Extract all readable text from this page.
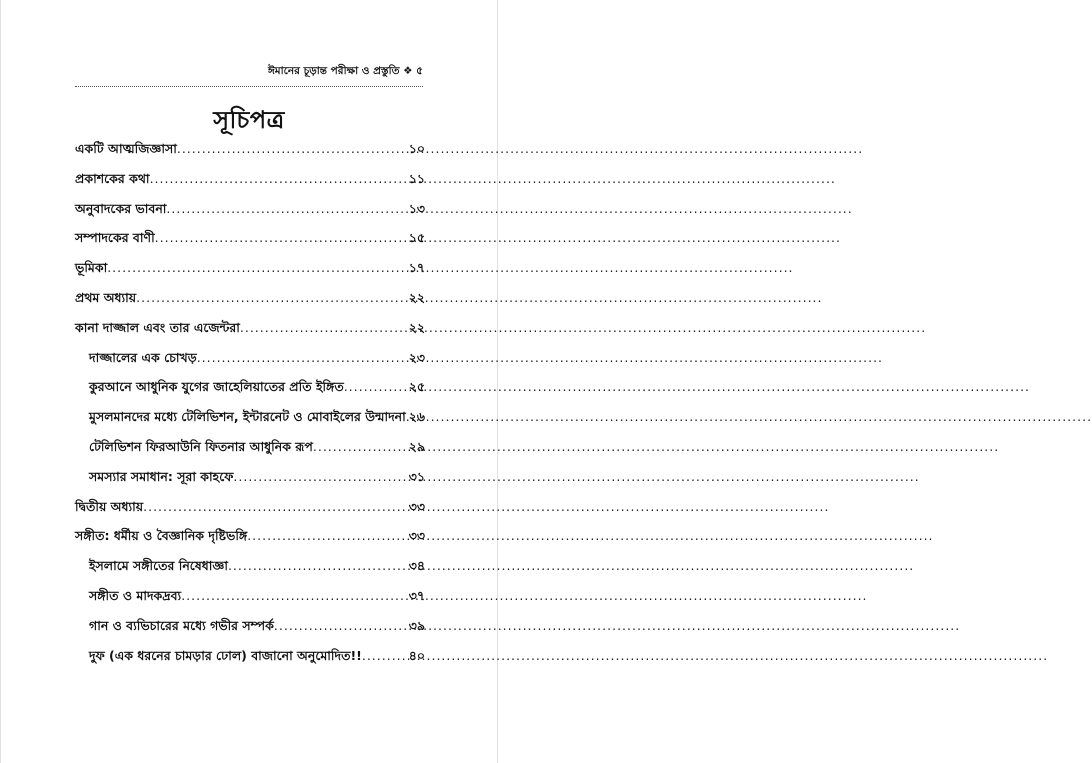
ঈমানের চূড়ান্ত পরীক্ষা ও প্রস্তুতি ❖ ৫
সূচিপত্র
একটি আত্মজিজ্ঞাসা .....	১০
প্রকাশকের কথা .....	১১
অনুবাদকের ভাবনা .....	১৩
সম্পাদকের বাণী .....	১৫
ভূমিকা .....	১৭
প্রথম অধ্যায় .....	২২
কানা দাজ্জাল এবং তার এজেন্টরা .....	২২
দাজ্জালের এক চোখড় .....	২৩
কুরআনে আধুনিক যুগের জাহেলিয়াতের প্রতি ইঙ্গিত .....	২৫
মুসলমানদের মধ্যে টেলিভিশন, ইন্টারনেট ও মোবাইলের উন্মাদনা ..... ২৬
টেলিভিশন ফিরআউনি ফিতনার আধুনিক রূপ .....	২৯
সমস্যার সমাধান: সূরা কাহফে .....	৩১
দ্বিতীয় অধ্যায় .....	৩৩
সঙ্গীত: ধর্মীয় ও বৈজ্ঞানিক দৃষ্টিভঙ্গি .....	৩৩
ইসলামে সঙ্গীতের নিষেধাজ্ঞা .....	৩৪
সঙ্গীত ও মাদকদ্রব্য .....	৩৭
গান ও ব্যভিচারের মধ্যে গভীর সম্পর্ক .....	৩৯
দুফ (এক ধরনের চামড়ার ঢোল) বাজানো অনুমোদিত!! .....	৪০
